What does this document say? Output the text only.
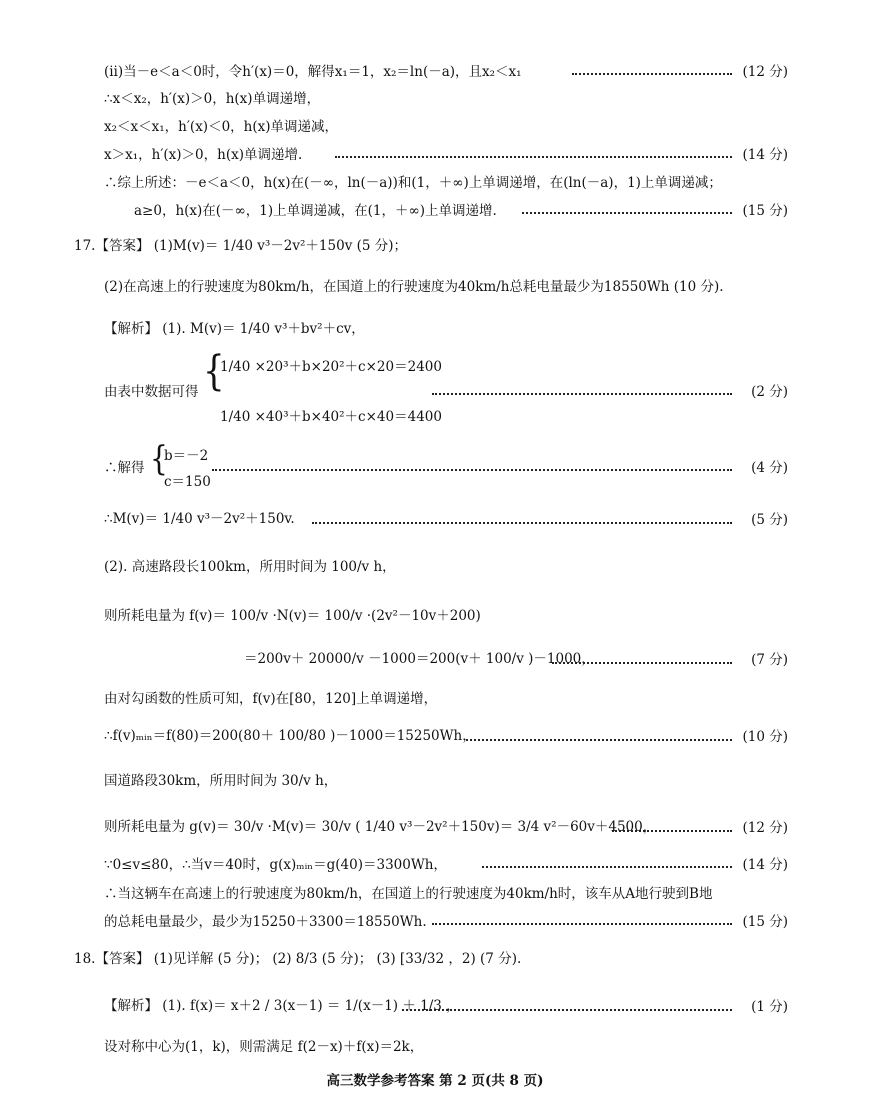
(ⅱ)当－e＜a＜0时，令h′(x)＝0，解得x₁＝1，x₂＝ln(－a)，且x₂＜x₁	(12 分)
∴x＜x₂，h′(x)＞0，h(x)单调递增，
x₂＜x＜x₁，h′(x)＜0，h(x)单调递减，
x＞x₁，h′(x)＞0，h(x)单调递增.	(14 分)
∴综上所述：－e＜a＜0，h(x)在(－∞，ln(－a))和(1，＋∞)上单调递增，在(ln(－a)，1)上单调递减；
a≥0，h(x)在(－∞，1)上单调递减，在(1，＋∞)上单调递增.	(15 分)
17.【答案】 (1)M(v)＝ 1/40 v³－2v²＋150v (5 分)；
(2)在高速上的行驶速度为80km/h，在国道上的行驶速度为40km/h总耗电量最少为18550Wh (10 分).
【解析】 (1). M(v)＝ 1/40 v³＋bv²＋cv，
由表中数据可得	(2 分)
{
1/40 ×20³＋b×20²＋c×20＝2400
1/40 ×40³＋b×40²＋c×40＝4400
∴解得	(4 分)
{
b＝－2
c＝150
∴M(v)＝ 1/40 v³－2v²＋150v.	(5 分)
(2). 高速路段长100km，所用时间为 100/v h，
则所耗电量为 f(v)＝ 100/v ·N(v)＝ 100/v ·(2v²－10v＋200)
＝200v＋ 20000/v －1000＝200(v＋ 100/v )－1000，	(7 分)
由对勾函数的性质可知，f(v)在[80，120]上单调递增，
∴f(v)ₘᵢₙ＝f(80)＝200(80＋ 100/80 )－1000＝15250Wh，	(10 分)
国道路段30km，所用时间为 30/v h，
则所耗电量为 g(v)＝ 30/v ·M(v)＝ 30/v ( 1/40 v³－2v²＋150v)＝ 3/4 v²－60v＋4500，	(12 分)
∵0≤v≤80，∴当v＝40时，g(x)ₘᵢₙ＝g(40)＝3300Wh，	(14 分)
∴当这辆车在高速上的行驶速度为80km/h，在国道上的行驶速度为40km/h时，该车从A地行驶到B地
的总耗电量最少，最少为15250＋3300＝18550Wh.	(15 分)
18.【答案】 (1)见详解 (5 分)； (2) 8/3 (5 分)； (3) [33/32 ，2) (7 分).
【解析】 (1). f(x)＝ x＋2 / 3(x－1) ＝ 1/(x－1) ＋ 1/3 ，	(1 分)
设对称中心为(1，k)，则需满足 f(2－x)＋f(x)＝2k，
高三数学参考答案 第 2 页(共 8 页)
